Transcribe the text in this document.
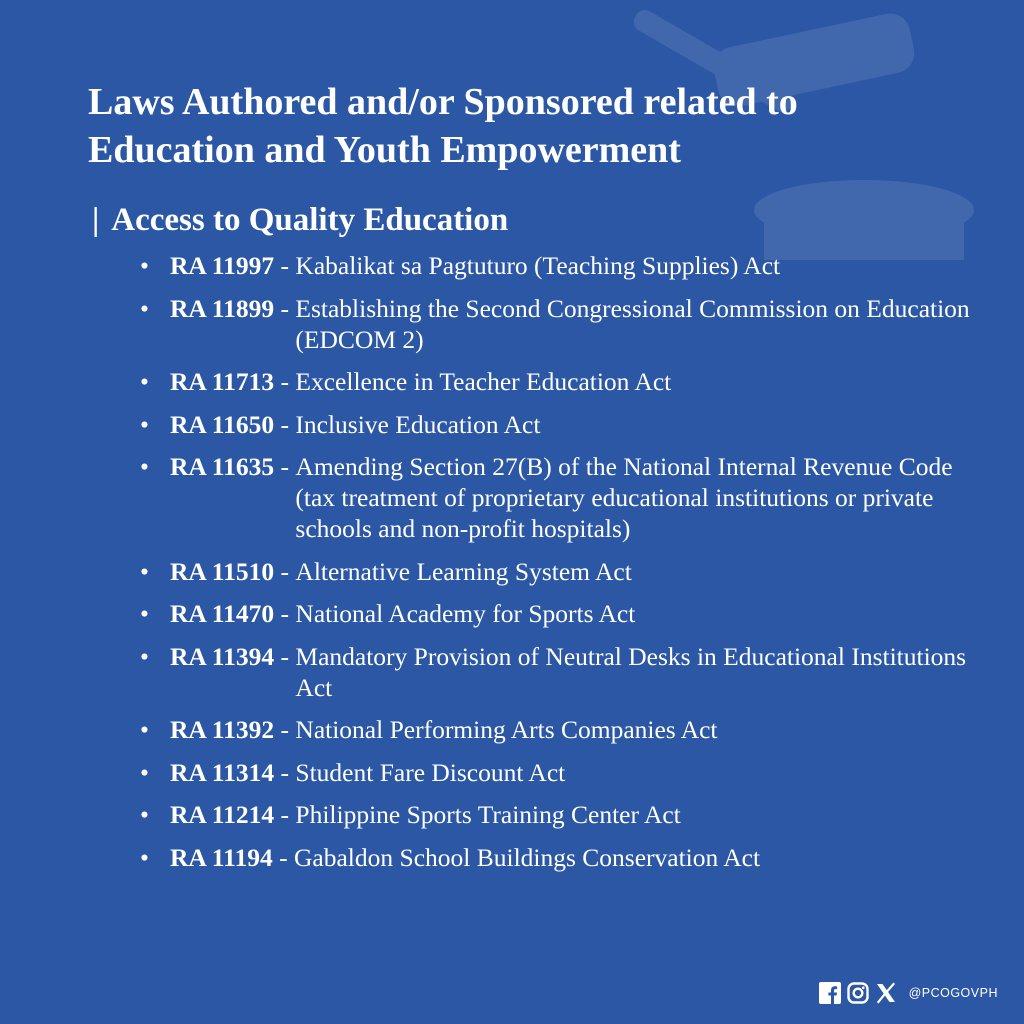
Laws Authored and/or Sponsored related to Education and Youth Empowerment
| Access to Quality Education
• RA 11997 - Kabalikat sa Pagtuturo (Teaching Supplies) Act
• RA 11899 - Establishing the Second Congressional Commission on Education (EDCOM 2)
• RA 11713 - Excellence in Teacher Education Act
• RA 11650 - Inclusive Education Act
• RA 11635 - Amending Section 27(B) of the National Internal Revenue Code (tax treatment of proprietary educational institutions or private schools and non-profit hospitals)
• RA 11510 - Alternative Learning System Act
• RA 11470 - National Academy for Sports Act
• RA 11394 - Mandatory Provision of Neutral Desks in Educational Institutions Act
• RA 11392 - National Performing Arts Companies Act
• RA 11314 - Student Fare Discount Act
• RA 11214 - Philippine Sports Training Center Act
• RA 11194 - Gabaldon School Buildings Conservation Act
@PCOGOVPH
